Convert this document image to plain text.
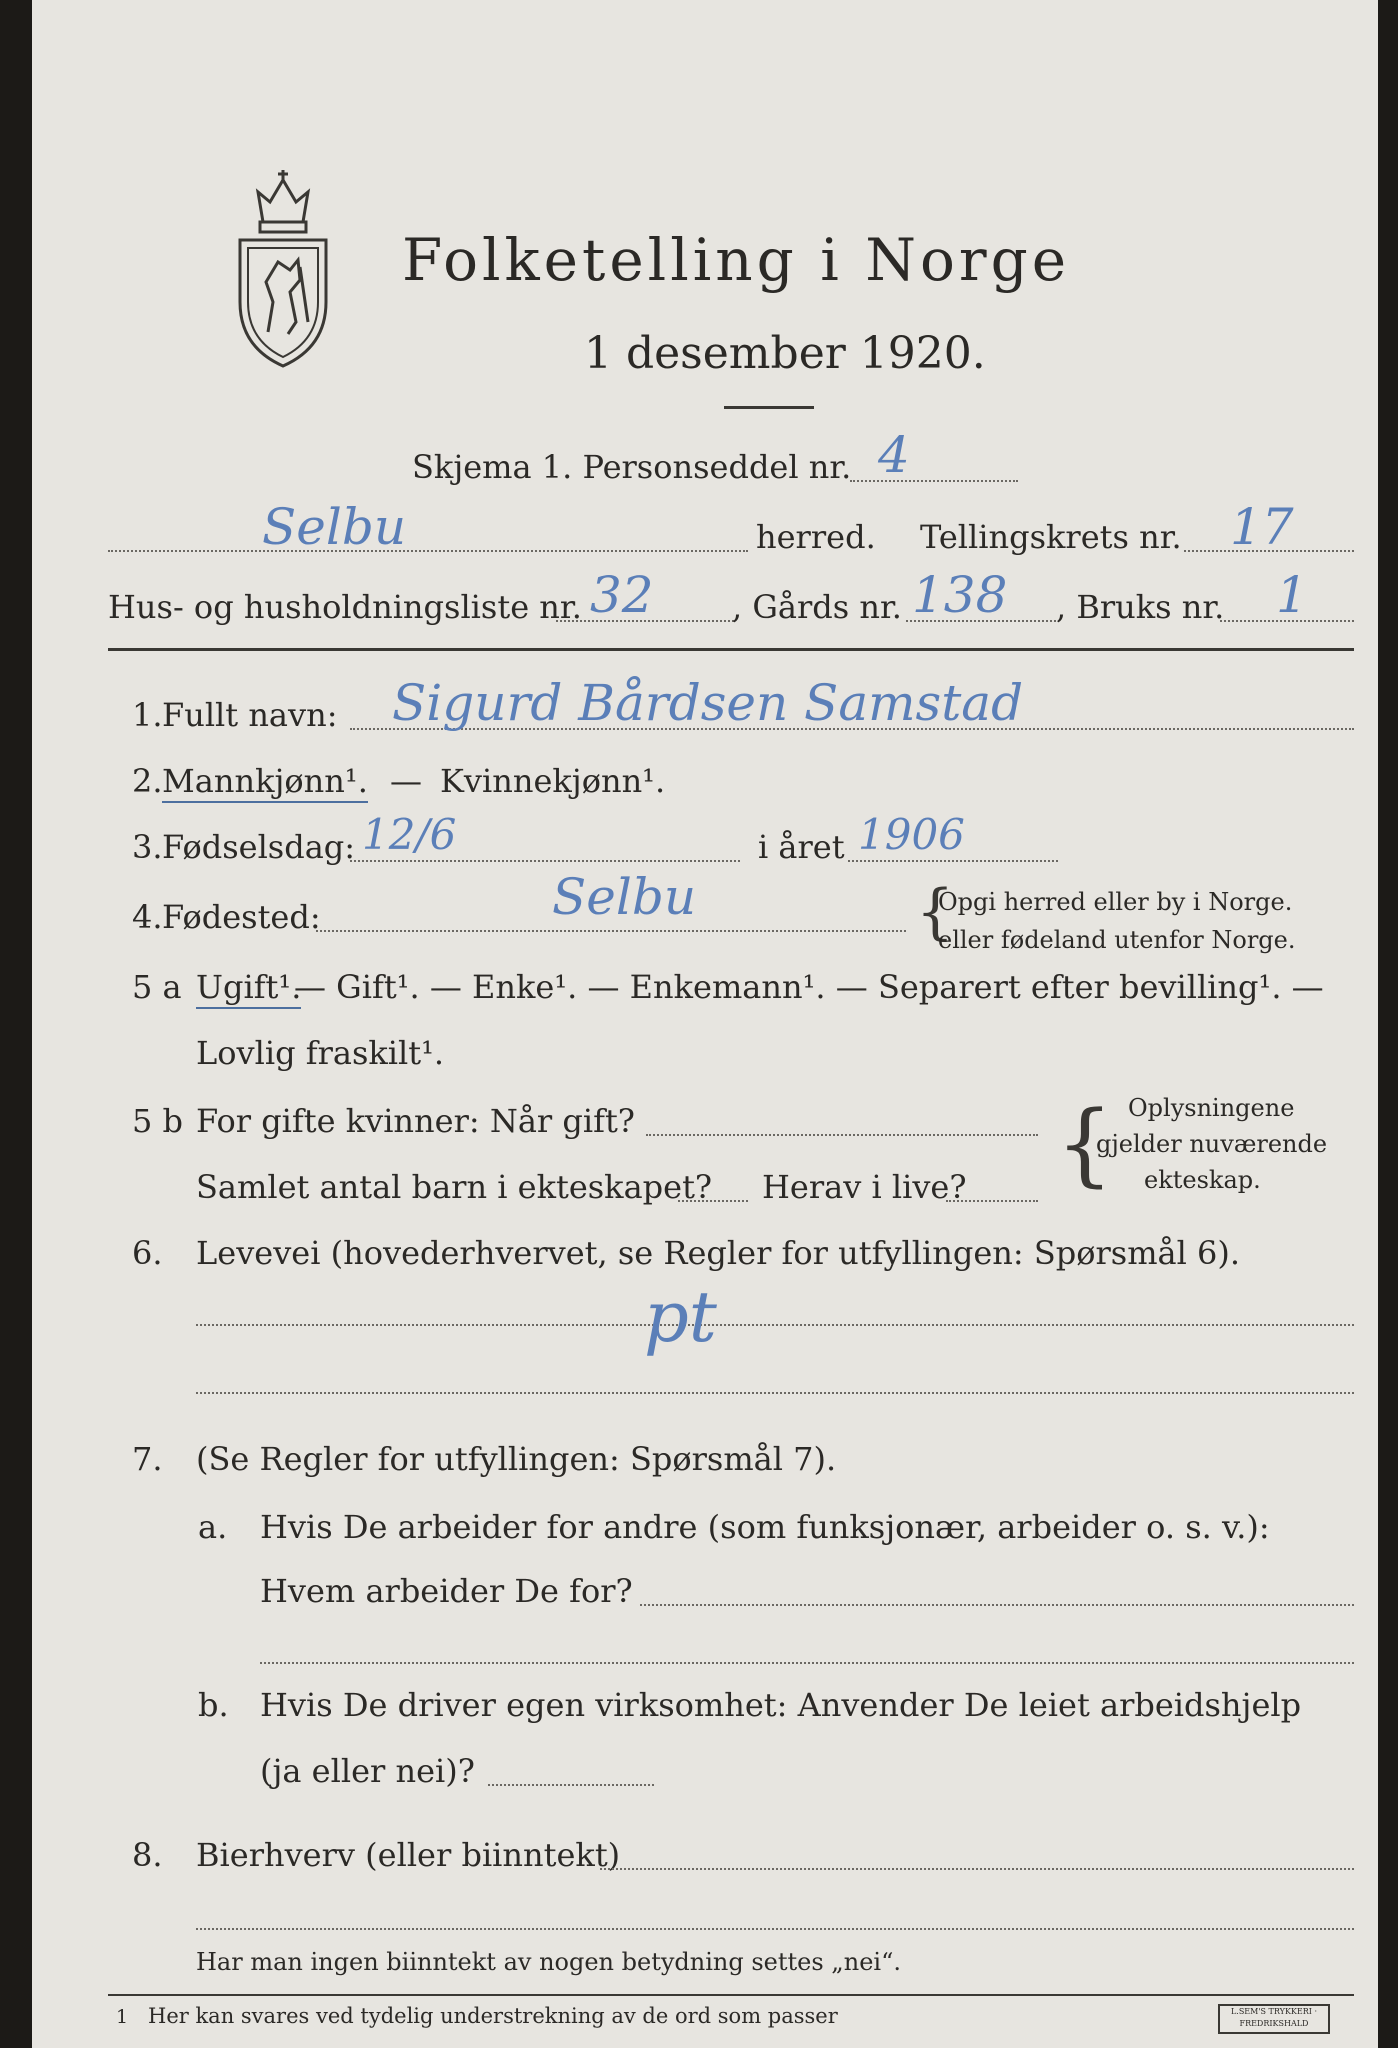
Folketelling i Norge
1 desember 1920.
Skjema 1. Personseddel nr. 4
Selbu	herred. Tellingskrets nr. 17
Hus- og husholdningsliste nr. 32 , Gårds nr. 138 , Bruks nr. 1
1. Fullt navn: Sigurd Bårdsen Samstad
2. Mannkjønn¹. — Kvinnekjønn¹.
3. Fødselsdag: 12/6	i året 1906
4. Fødested:	Selbu	{
Opgi herred eller by i Norge.
eller fødeland utenfor Norge.
5 a Ugift¹.
— Gift¹. — Enke¹. — Enkemann¹. — Separert efter bevilling¹. —
Lovlig fraskilt¹.
5 b For gifte kvinner: Når gift?
Samlet antal barn i ekteskapet? Herav i live? { Oplysningene
gjelder nuværende
ekteskap.
6. Levevei (hovederhvervet, se Regler for utfyllingen: Spørsmål 6).
pt
7. (Se Regler for utfyllingen: Spørsmål 7).
a. Hvis De arbeider for andre (som funksjonær, arbeider o. s. v.):
Hvem arbeider De for?
b. Hvis De driver egen virksomhet: Anvender De leiet arbeidshjelp
(ja eller nei)?
8. Bierhverv (eller biinntekt)
Har man ingen biinntekt av nogen betydning settes „nei“.
1 Her kan svares ved tydelig understrekning av de ord som passer	L.SEM'S TRYKKERI · FREDRIKSHALD
